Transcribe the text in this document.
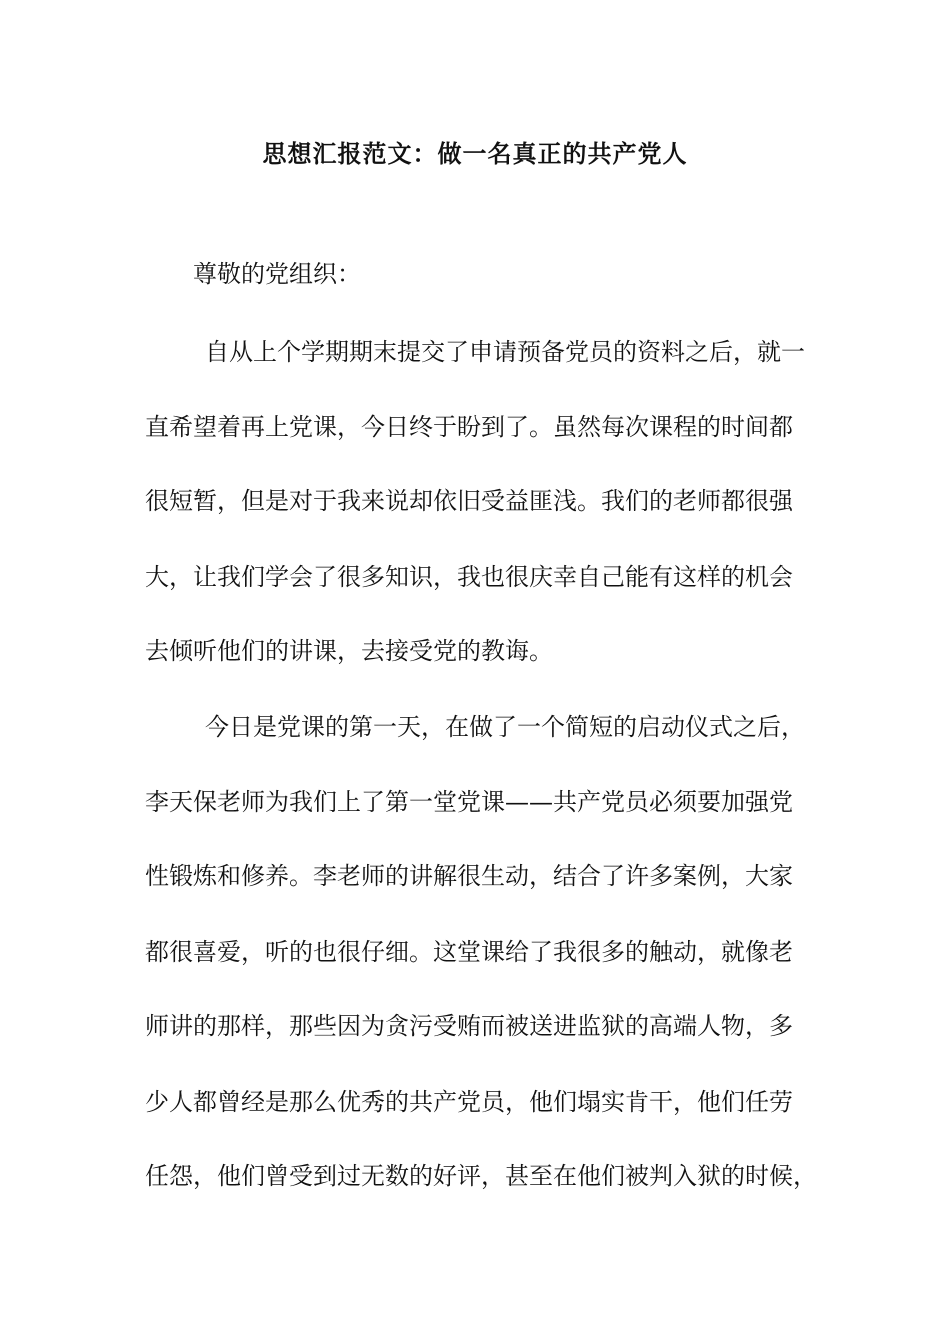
思想汇报范文：做一名真正的共产党人
尊敬的党组织：
自从上个学期期末提交了申请预备党员的资料之后，就一
直希望着再上党课，今日终于盼到了。虽然每次课程的时间都
很短暂，但是对于我来说却依旧受益匪浅。我们的老师都很强
大，让我们学会了很多知识，我也很庆幸自己能有这样的机会
去倾听他们的讲课，去接受党的教诲。
今日是党课的第一天，在做了一个简短的启动仪式之后，
李天保老师为我们上了第一堂党课——共产党员必须要加强党
性锻炼和修养。李老师的讲解很生动，结合了许多案例，大家
都很喜爱，听的也很仔细。这堂课给了我很多的触动，就像老
师讲的那样，那些因为贪污受贿而被送进监狱的高端人物，多
少人都曾经是那么优秀的共产党员，他们塌实肯干，他们任劳
任怨，他们曾受到过无数的好评，甚至在他们被判入狱的时候，
